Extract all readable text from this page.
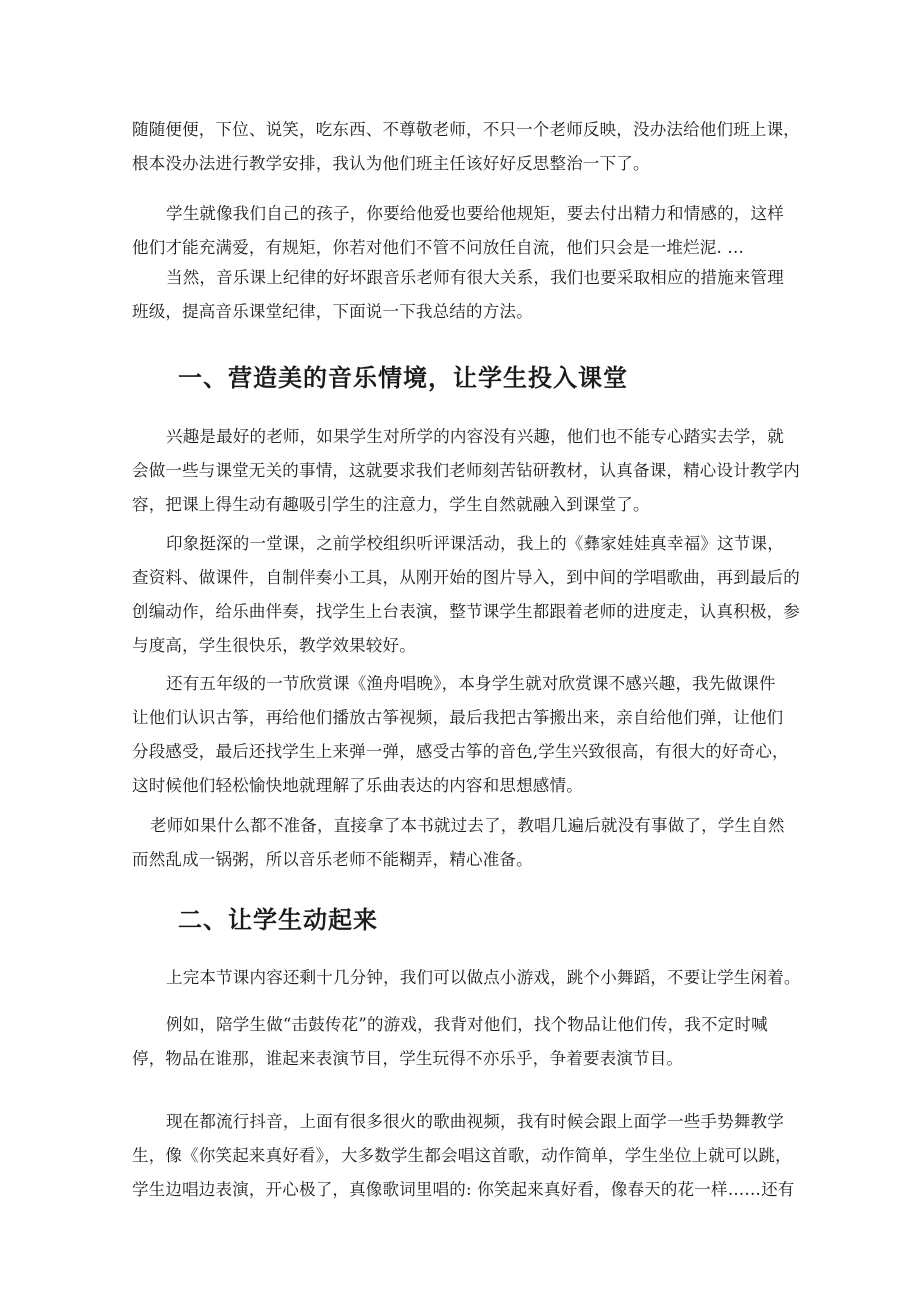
随随便便，下位、说笑，吃东西、不尊敬老师，不只一个老师反映，没办法给他们班上课，
根本没办法进行教学安排，我认为他们班主任该好好反思整治一下了。
学生就像我们自己的孩子，你要给他爱也要给他规矩，要去付出精力和情感的，这样
他们才能充满爱，有规矩，你若对他们不管不问放任自流，他们只会是一堆烂泥. …
当然，音乐课上纪律的好坏跟音乐老师有很大关系，我们也要采取相应的措施来管理
班级，提高音乐课堂纪律，下面说一下我总结的方法。
一、营造美的音乐情境，让学生投入课堂
兴趣是最好的老师，如果学生对所学的内容没有兴趣，他们也不能专心踏实去学，就
会做一些与课堂无关的事情，这就要求我们老师刻苦钻研教材，认真备课，精心设计教学内
容，把课上得生动有趣吸引学生的注意力，学生自然就融入到课堂了。
印象挺深的一堂课，之前学校组织听评课活动，我上的《彝家娃娃真幸福》这节课，
查资料、做课件，自制伴奏小工具，从刚开始的图片导入，到中间的学唱歌曲，再到最后的
创编动作，给乐曲伴奏，找学生上台表演，整节课学生都跟着老师的进度走，认真积极，参
与度高，学生很快乐，教学效果较好。
还有五年级的一节欣赏课《渔舟唱晚》，本身学生就对欣赏课不感兴趣，我先做课件
让他们认识古筝，再给他们播放古筝视频，最后我把古筝搬出来，亲自给他们弹，让他们
分段感受，最后还找学生上来弹一弹，感受古筝的音色,学生兴致很高，有很大的好奇心，
这时候他们轻松愉快地就理解了乐曲表达的内容和思想感情。
老师如果什么都不准备，直接拿了本书就过去了，教唱几遍后就没有事做了，学生自然
而然乱成一锅粥，所以音乐老师不能糊弄，精心准备。
二、让学生动起来
上完本节课内容还剩十几分钟，我们可以做点小游戏，跳个小舞蹈，不要让学生闲着。
例如，陪学生做“击鼓传花”的游戏，我背对他们，找个物品让他们传，我不定时喊
停，物品在谁那，谁起来表演节目，学生玩得不亦乐乎，争着要表演节目。
现在都流行抖音，上面有很多很火的歌曲视频，我有时候会跟上面学一些手势舞教学
生，像《你笑起来真好看》，大多数学生都会唱这首歌，动作简单，学生坐位上就可以跳，
学生边唱边表演，开心极了，真像歌词里唱的: 你笑起来真好看，像春天的花一样……还有
